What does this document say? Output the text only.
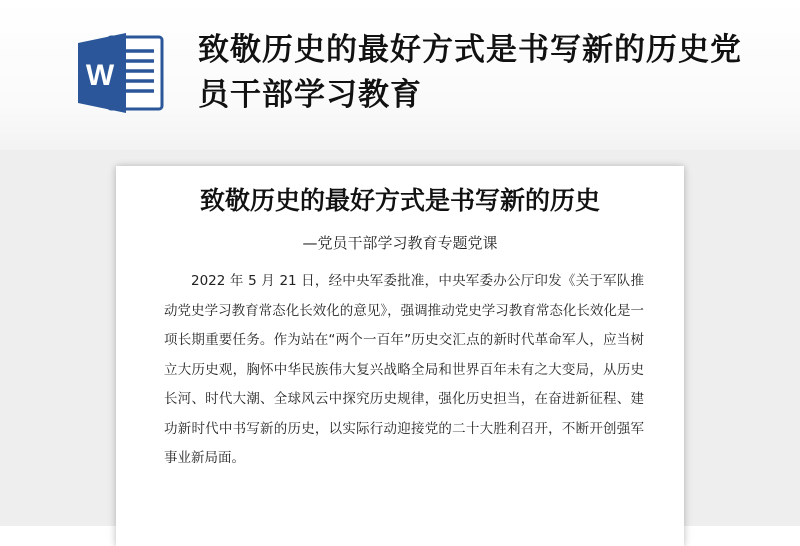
W
致敬历史的最好方式是书写新的历史党员干部学习教育
致敬历史的最好方式是书写新的历史

—党员干部学习教育专题党课

2022 年 5 月 21 日，经中央军委批准，中央军委办公厅印发《关于军队推动党史学习教育常态化长效化的意见》，强调推动党史学习教育常态化长效化是一项长期重要任务。作为站在“两个一百年”历史交汇点的新时代革命军人，应当树立大历史观，胸怀中华民族伟大复兴战略全局和世界百年未有之大变局，从历史长河、时代大潮、全球风云中探究历史规律，强化历史担当，在奋进新征程、建功新时代中书写新的历史，以实际行动迎接党的二十大胜利召开，不断开创强军事业新局面。
